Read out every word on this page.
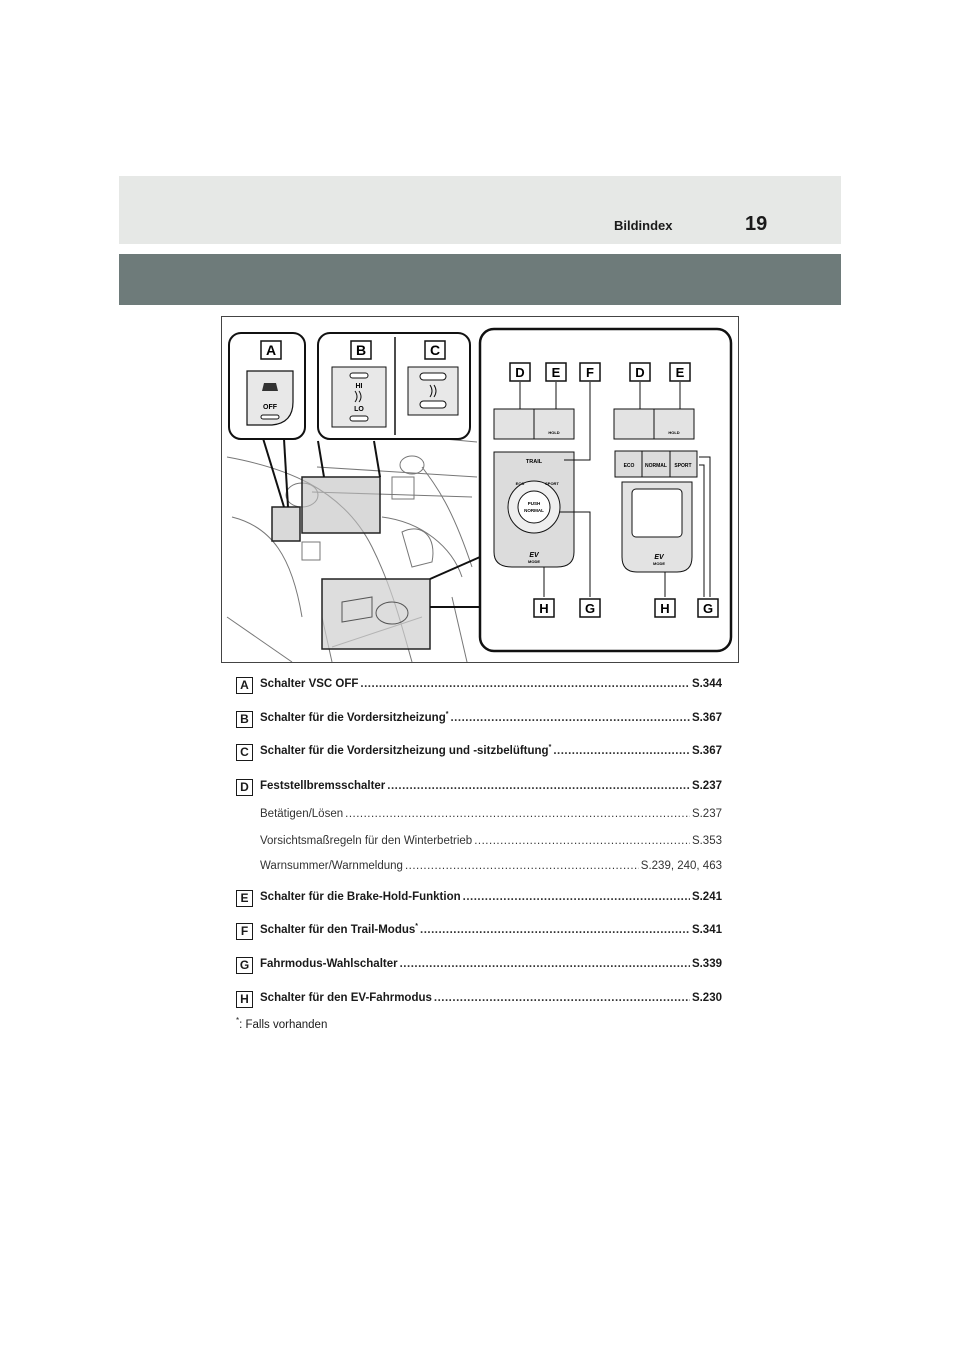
Bildindex	19
A
OFF
B	C
HI
LO
HOLD
TRAIL
PUSH
NORMAL
ECO	SPORT
EV
MODE
HOLD
ECO NORMAL SPORT
EV
MODE
D E F	D E
H	G	H	G
A Schalter VSC OFF .....	S.344
B Schalter für die Vordersitzheizung* .....	S.367
C Schalter für die Vordersitzheizung und -sitzbelüftung* .....	S.367
D Feststellbremsschalter .....	S.237
Betätigen/Lösen .....	S.237
Vorsichtsmaßregeln für den Winterbetrieb .....	S.353
Warnsummer/Warnmeldung .....	S.239, 240, 463
E	Schalter für die Brake-Hold-Funktion .....	S.241
F	Schalter für den Trail-Modus* .....	S.341
G Fahrmodus-Wahlschalter .....	S.339
H Schalter für den EV-Fahrmodus .....	S.230
*: Falls vorhanden
